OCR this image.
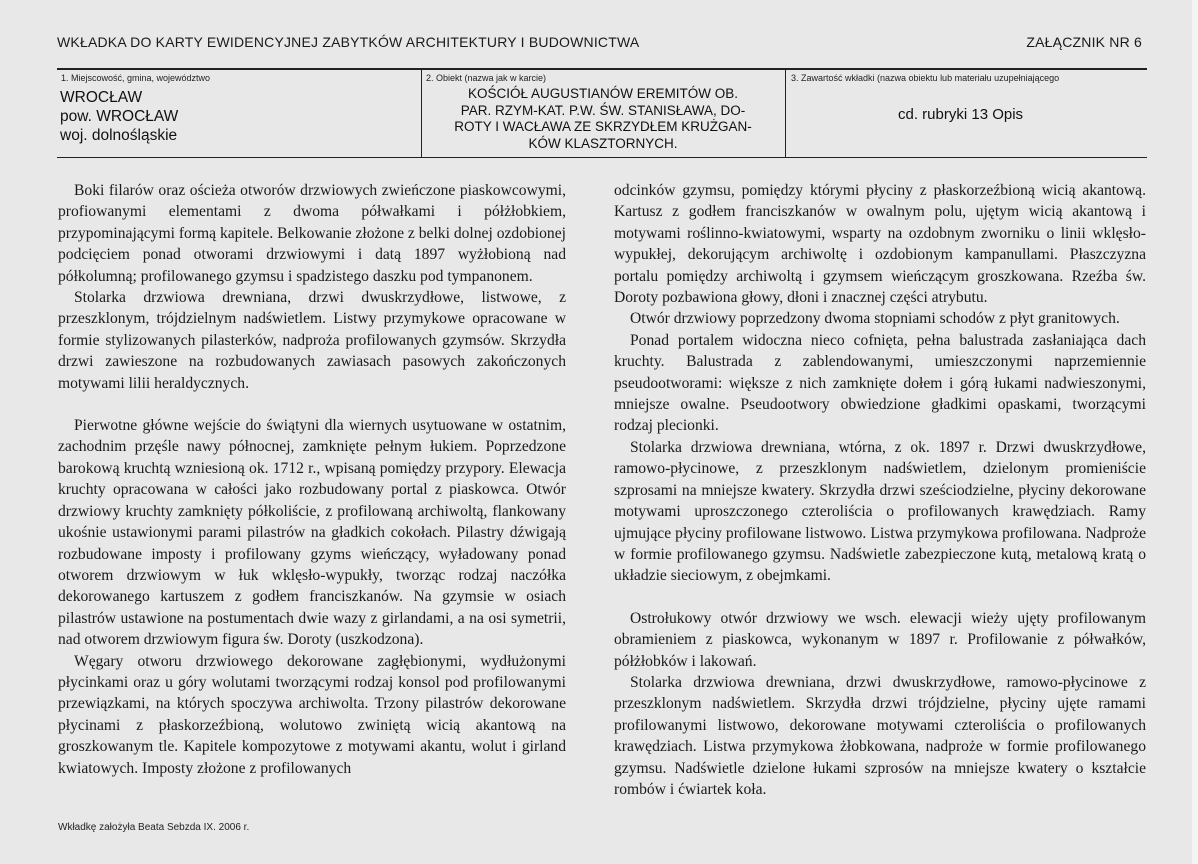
WKŁADKA DO KARTY EWIDENCYJNEJ ZABYTKÓW ARCHITEKTURY I BUDOWNICTWA	ZAŁĄCZNIK NR 6
1. Miejscowość, gmina, województwo
WROCŁAW
pow. WROCŁAW
woj. dolnośląskie
2. Obiekt (nazwa jak w karcie)
KOŚCIÓŁ AUGUSTIANÓW EREMITÓW OB.
PAR. RZYM-KAT. P.W. ŚW. STANISŁAWA, DO-
ROTY I WACŁAWA ZE SKRZYDŁEM KRUŻGAN-
KÓW KLASZTORNYCH.
3. Zawartość wkładki (nazwa obiektu lub materiału uzupełniającego
cd. rubryki 13 Opis

Boki filarów oraz ościeża otworów drzwiowych zwieńczone piaskowcowymi, profiowanymi elementami z dwoma półwałkami i półżłobkiem, przypominającymi formą kapitele. Belkowanie złożone z belki dolnej ozdobionej podcięciem ponad otworami drzwiowymi i datą 1897 wyżłobioną nad półkolumną; profilowanego gzymsu i spadzistego daszku pod tympanonem.

Stolarka drzwiowa drewniana, drzwi dwuskrzydłowe, listwowe, z przeszklonym, trójdzielnym nadświetlem. Listwy przymykowe opracowane w formie stylizowanych pilasterków, nadproża profilowanych gzymsów. Skrzydła drzwi zawieszone na rozbudowanych zawiasach pasowych zakończonych motywami lilii heraldycznych.

Pierwotne główne wejście do świątyni dla wiernych usytuowane w ostatnim, zachodnim przęśle nawy północnej, zamknięte pełnym łukiem. Poprzedzone barokową kruchtą wzniesioną ok. 1712 r., wpisaną pomiędzy przypory. Elewacja kruchty opracowana w całości jako rozbudowany portal z piaskowca. Otwór drzwiowy kruchty zamknięty półkoliście, z profilowaną archiwoltą, flankowany ukośnie ustawionymi parami pilastrów na gładkich cokołach. Pilastry dźwigają rozbudowane imposty i profilowany gzyms wieńczący, wyładowany ponad otworem drzwiowym w łuk wklęsło-wypukły, tworząc rodzaj naczółka dekorowanego kartuszem z godłem franciszkanów. Na gzymsie w osiach pilastrów ustawione na postumentach dwie wazy z girlandami, a na osi symetrii, nad otworem drzwiowym figura św. Doroty (uszkodzona).

Węgary otworu drzwiowego dekorowane zagłębionymi, wydłużonymi płycinkami oraz u góry wolutami tworzącymi rodzaj konsol pod profilowanymi przewiązkami, na których spoczywa archiwolta. Trzony pilastrów dekorowane płycinami z płaskorzeźbioną, wolutowo zwiniętą wicią akantową na groszkowanym tle. Kapitele kompozytowe z motywami akantu, wolut i girland kwiatowych. Imposty złożone z profilowanych

odcinków gzymsu, pomiędzy którymi płyciny z płaskorzeźbioną wicią akantową. Kartusz z godłem franciszkanów w owalnym polu, ujętym wicią akantową i motywami roślinno-kwiatowymi, wsparty na ozdobnym zworniku o linii wklęsło-wypukłej, dekorującym archiwoltę i ozdobionym kampanullami. Płaszczyzna portalu pomiędzy archiwoltą i gzymsem wieńczącym groszkowana. Rzeźba św. Doroty pozbawiona głowy, dłoni i znacznej części atrybutu.

Otwór drzwiowy poprzedzony dwoma stopniami schodów z płyt granitowych.

Ponad portalem widoczna nieco cofnięta, pełna balustrada zasłaniająca dach kruchty. Balustrada z zablendowanymi, umieszczonymi naprzemiennie pseudootworami: większe z nich zamknięte dołem i górą łukami nadwieszonymi, mniejsze owalne. Pseudootwory obwiedzione gładkimi opaskami, tworzącymi rodzaj plecionki.

Stolarka drzwiowa drewniana, wtórna, z ok. 1897 r. Drzwi dwuskrzydłowe, ramowo-płycinowe, z przeszklonym nadświetlem, dzielonym promieniście szprosami na mniejsze kwatery. Skrzydła drzwi sześciodzielne, płyciny dekorowane motywami uproszczonego czteroliścia o profilowanych krawędziach. Ramy ujmujące płyciny profilowane listwowo. Listwa przymykowa profilowana. Nadproże w formie profilowanego gzymsu. Nadświetle zabezpieczone kutą, metalową kratą o układzie sieciowym, z obejmkami.

Ostrołukowy otwór drzwiowy we wsch. elewacji wieży ujęty profilowanym obramieniem z piaskowca, wykonanym w 1897 r. Profilowanie z półwałków, półżłobków i lakowań.

Stolarka drzwiowa drewniana, drzwi dwuskrzydłowe, ramowo-płycinowe z przeszklonym nadświetlem. Skrzydła drzwi trójdzielne, płyciny ujęte ramami profilowanymi listwowo, dekorowane motywami czteroliścia o profilowanych krawędziach. Listwa przymykowa żłobkowana, nadproże w formie profilowanego gzymsu. Nadświetle dzielone łukami szprosów na mniejsze kwatery o kształcie rombów i ćwiartek koła.

Wkładkę założyła Beata Sebzda IX. 2006 r.
